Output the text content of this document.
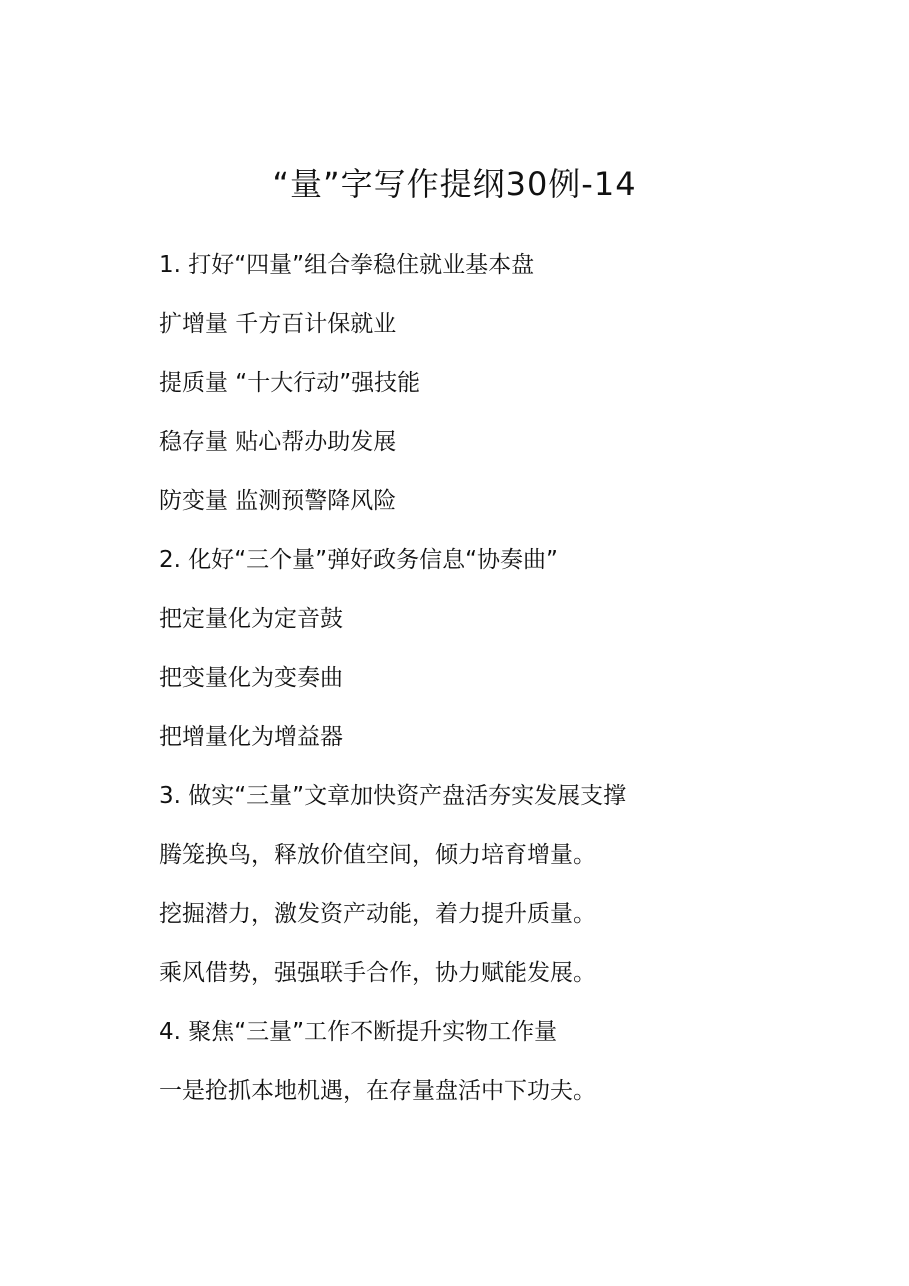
“量”字写作提纲30例-14
1. 打好“四量”组合拳稳住就业基本盘
扩增量 千方百计保就业
提质量 “十大行动”强技能
稳存量 贴心帮办助发展
防变量 监测预警降风险
2. 化好“三个量”弹好政务信息“协奏曲”
把定量化为定音鼓
把变量化为变奏曲
把增量化为增益器
3. 做实“三量”文章加快资产盘活夯实发展支撑
腾笼换鸟，释放价值空间，倾力培育增量。
挖掘潜力，激发资产动能，着力提升质量。
乘风借势，强强联手合作，协力赋能发展。
4. 聚焦“三量”工作不断提升实物工作量
一是抢抓本地机遇，在存量盘活中下功夫。
